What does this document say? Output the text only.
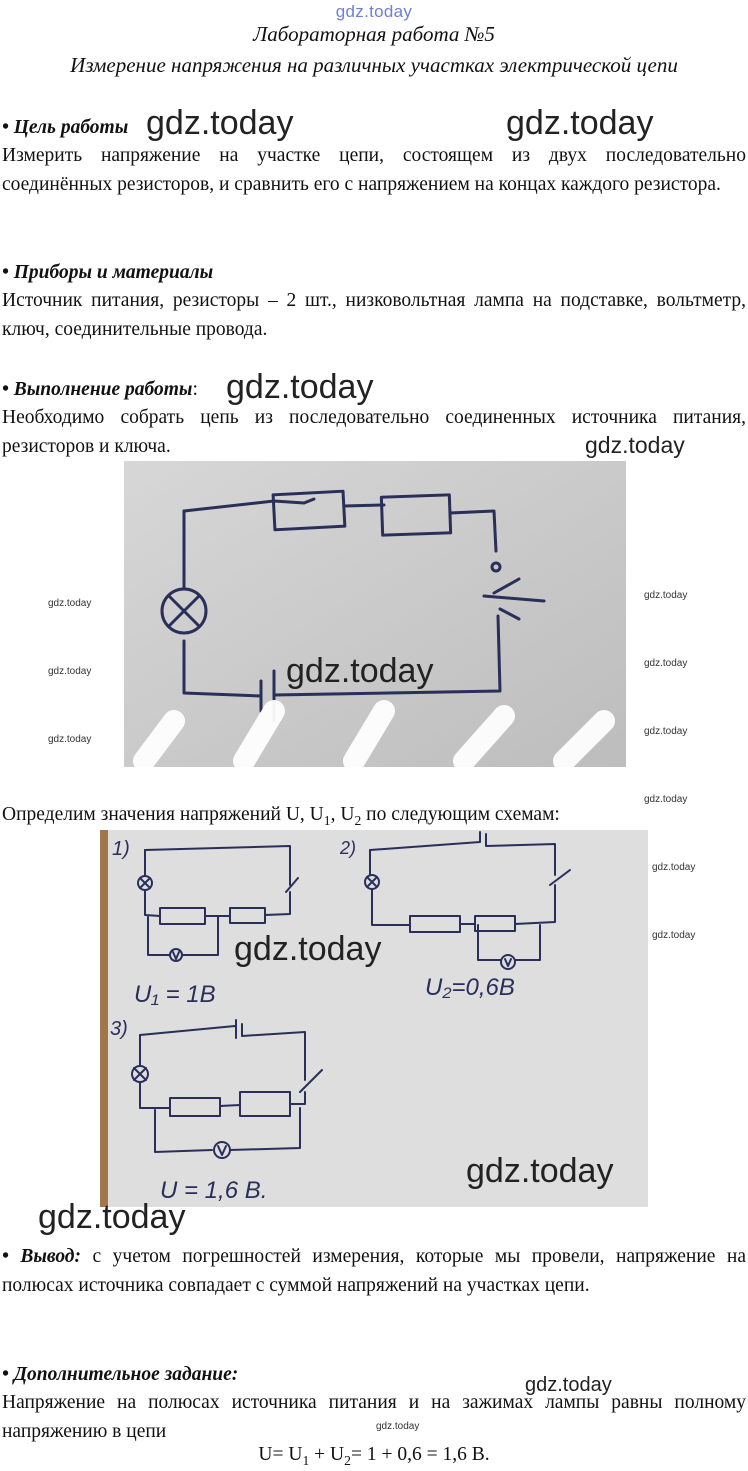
gdz.today
Лабораторная работа №5
Измерение напряжения на различных участках электрической цепи
• Цель работы gdz.today	gdz.today
Измерить напряжение на участке цепи, состоящем из двух последовательно соединённых резисторов, и сравнить его с напряжением на концах каждого резистора.
• Приборы и материалы
Источник питания, резисторы – 2 шт., низковольтная лампа на подставке, вольтметр, ключ, соединительные провода.
• Выполнение работы: gdz.today
Необходимо собрать цепь из последовательно соединенных источника питания, резисторов и ключа.	gdz.today
gdz.today
gdz.today
gdz.today
gdz.today
gdz.today
gdz.today
gdz.today
gdz.today
Определим значения напряжений U, $U_1$, $U_2$ по следующим схемам:
1)	2)
3)
U₁ = 1В	U₂=0,6В
U = 1,6 В.
gdz.today
gdz.today
gdz.today
gdz.today
gdz.today
• Вывод: с учетом погрешностей измерения, которые мы провели, напряжение на полюсах источника совпадает с суммой напряжений на участках цепи.
• Дополнительное задание:
Напряжение на полюсах источника питания и на зажимах лампы равны полному напряжению в цепи
gdz.today
gdz.today
$U= U_1 + U_2= 1 + 0,6 = 1,6$ В.
